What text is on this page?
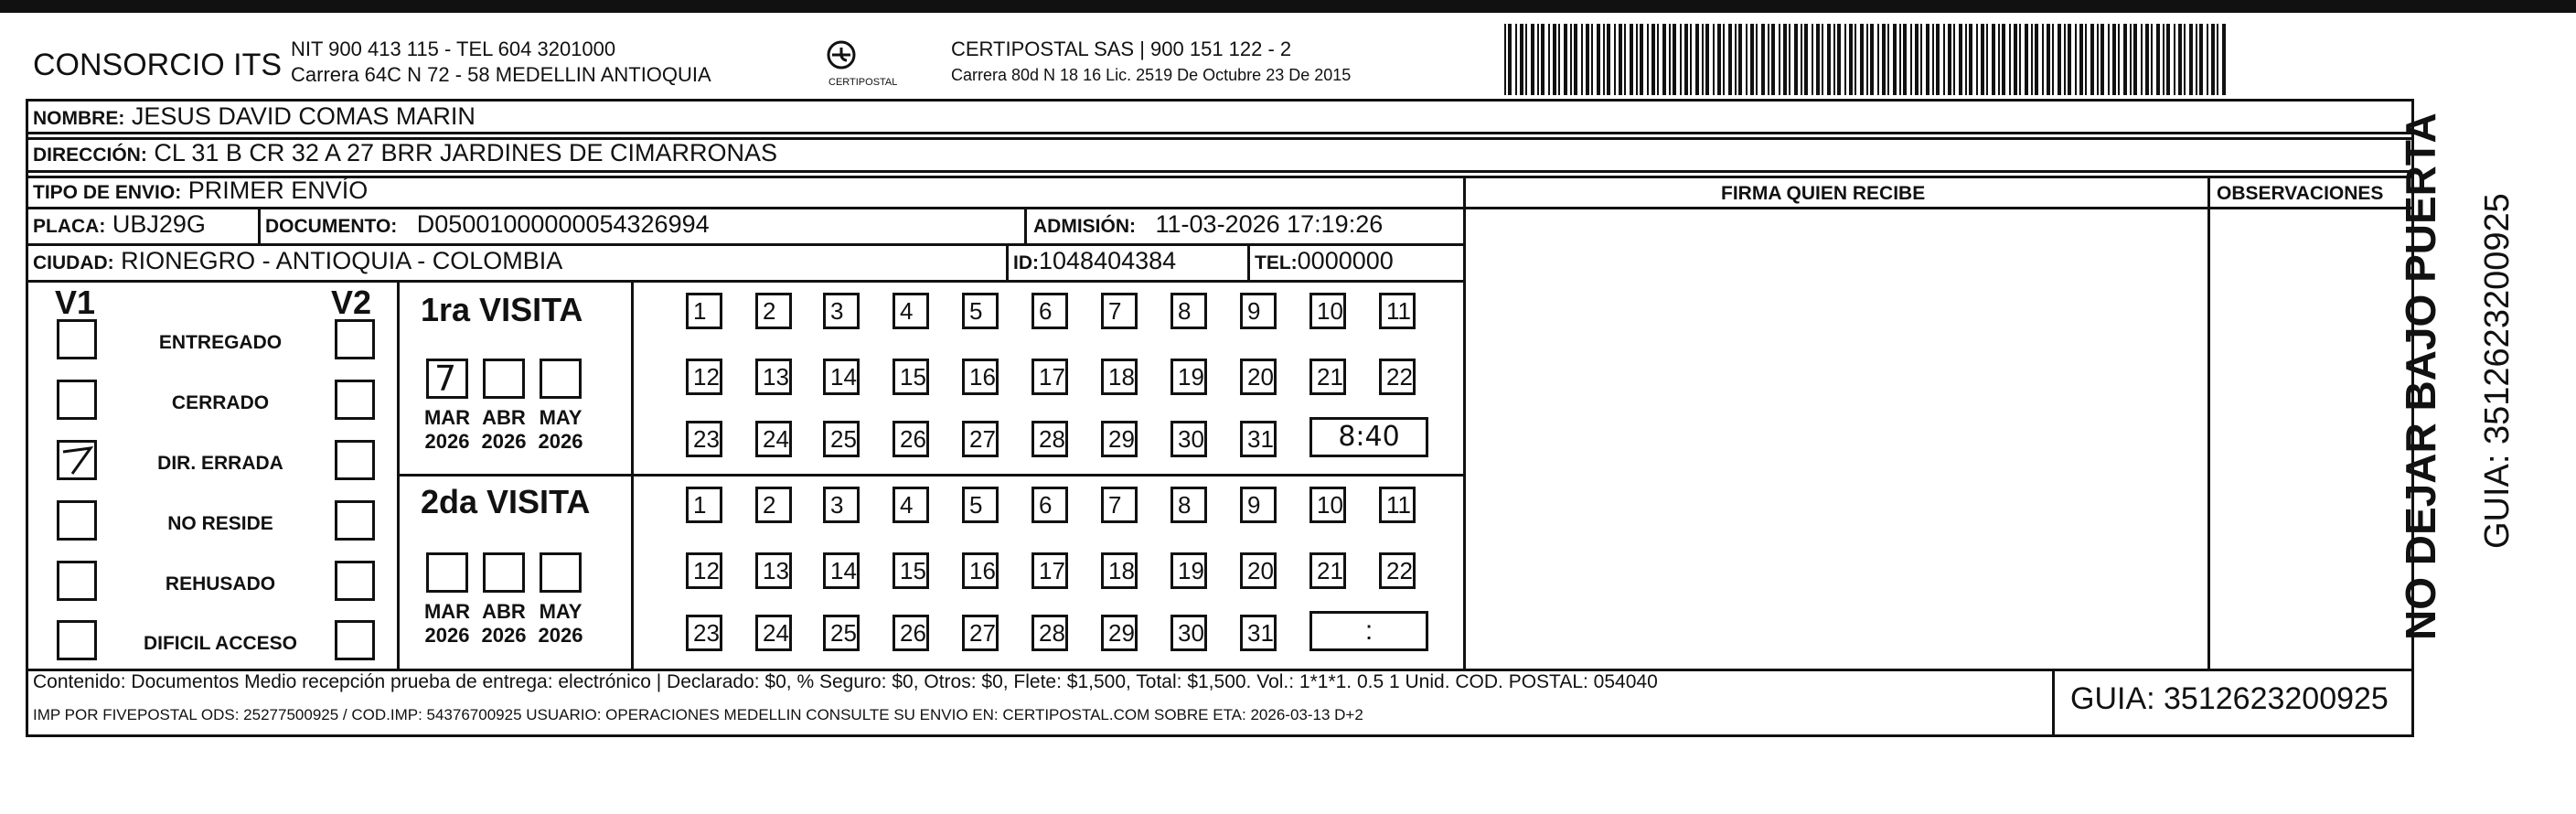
CONSORCIO ITS NIT 900 413 115 - TEL 604 3201000
Carrera 64C N 72 - 58 MEDELLIN ANTIOQUIA	CERTIPOSTAL
CERTIPOSTAL SAS | 900 151 122 - 2
Carrera 80d N 18 16 Lic. 2519 De Octubre 23 De 2015
NOMBRE: JESUS DAVID COMAS MARIN
DIRECCIÓN: CL 31 B CR 32 A 27 BRR JARDINES DE CIMARRONAS
TIPO DE ENVIO: PRIMER ENVÍO	FIRMA QUIEN RECIBE	OBSERVACIONES
PLACA: UBJ29G	DOCUMENTO: D05001000000054326994	ADMISIÓN: 11-03-2026 17:19:26
CIUDAD: RIONEGRO - ANTIOQUIA - COLOMBIA	ID:1048404384	TEL:0000000
V1	V2 1ra VISITA
2da VISITA	NO DEJAR BAJO PUERTA GUIA: 3512623200925
Contenido: Documentos Medio recepción prueba de entrega: electrónico | Declarado: $0, % Seguro: $0, Otros: $0, Flete: $1,500, Total: $1,500. Vol.: 1*1*1. 0.5 1 Unid. COD. POSTAL: 054040
IMP POR FIVEPOSTAL ODS: 25277500925 / COD.IMP: 54376700925 USUARIO: OPERACIONES MEDELLIN CONSULTE SU ENVIO EN: CERTIPOSTAL.COM SOBRE ETA: 2026-03-13 D+2	GUIA: 3512623200925
ENTREGADO
CERRADO
DIR. ERRADA
NO RESIDE
REHUSADO
DIFICIL ACCESO
7
MAR
2026
ABR
2026
MAY
2026
1	2	3	4	5	6	7	8	9	10	11
12	13	14	15	16	17	18	19	20	21	22
23	24	25	26	27	28	29	30	31	8:40
MAR
2026
ABR
2026
MAY
2026
1	2	3	4	5	6	7	8	9	10	11
12	13	14	15	16	17	18	19	20	21	22
23	24	25	26	27	28	29	30	31	:
